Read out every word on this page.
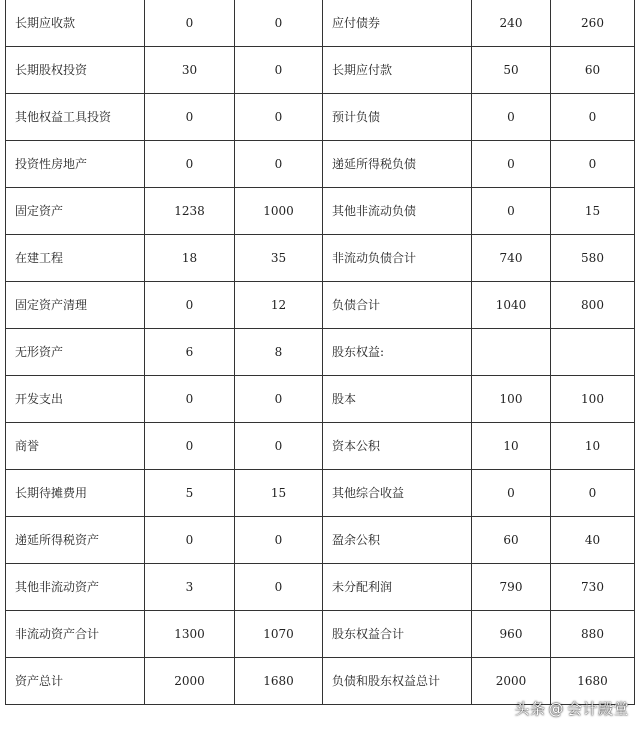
长期应收款	0	0	应付债券	240	260
长期股权投资	30	0	长期应付款	50	60
其他权益工具投资	0	0	预计负债	0	0
投资性房地产	0	0	递延所得税负债	0	0
固定资产	1238	1000	其他非流动负债	0	15
在建工程	18	35	非流动负债合计	740	580
固定资产清理	0	12	负债合计	1040	800
无形资产	6	8	股东权益:		
开发支出	0	0	股本	100	100
商誉	0	0	资本公积	10	10
长期待摊费用	5	15	其他综合收益	0	0
递延所得税资产	0	0	盈余公积	60	40
其他非流动资产	3	0	未分配利润	790	730
非流动资产合计	1300	1070	股东权益合计	960	880
资产总计	2000	1680	负债和股东权益总计	2000	1680
头条 @ 会计殿堂
